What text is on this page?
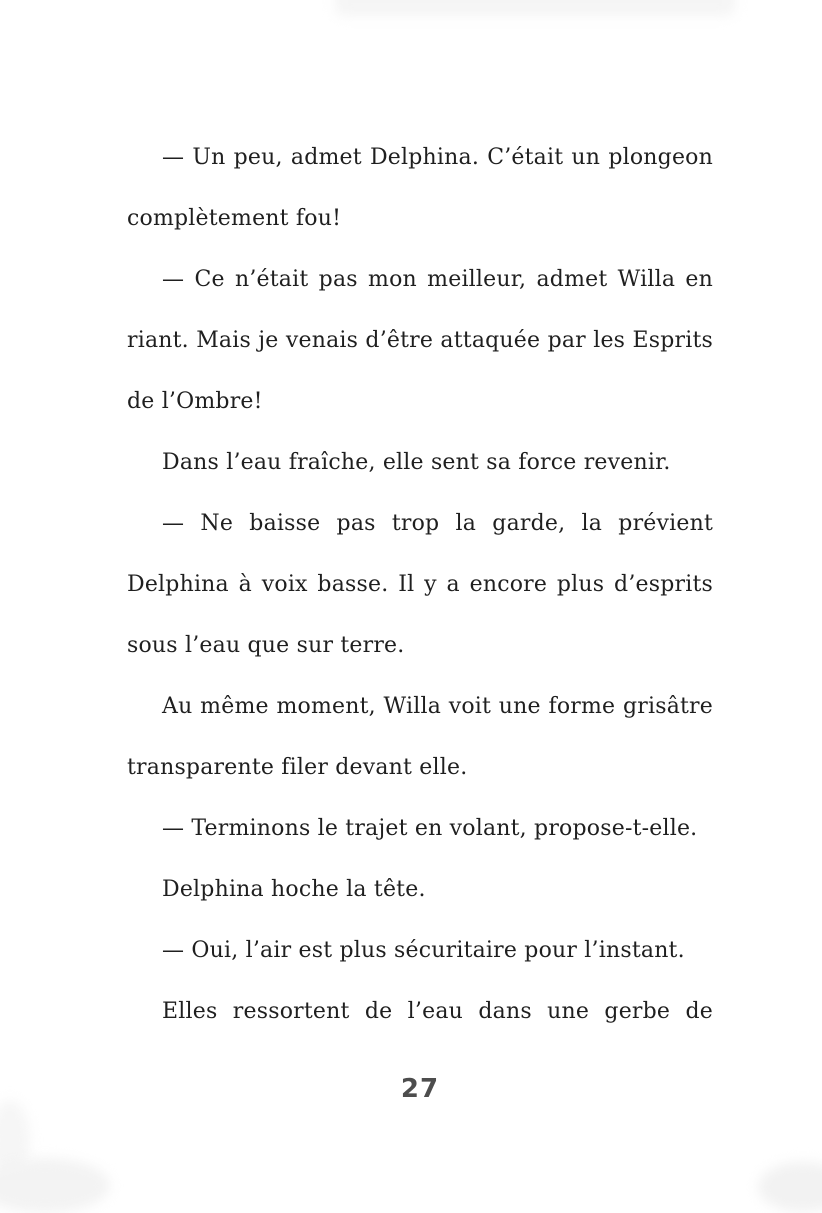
— Un peu, admet Delphina. C’était un plongeon
complètement fou!
— Ce n’était pas mon meilleur, admet Willa en
riant. Mais je venais d’être attaquée par les Esprits
de l’Ombre!
Dans l’eau fraîche, elle sent sa force revenir.
— Ne baisse pas trop la garde, la prévient
Delphina à voix basse. Il y a encore plus d’esprits
sous l’eau que sur terre.
Au même moment, Willa voit une forme grisâtre
transparente filer devant elle.
— Terminons le trajet en volant, propose-t-elle.
Delphina hoche la tête.
— Oui, l’air est plus sécuritaire pour l’instant.
Elles ressortent de l’eau dans une gerbe de
27
